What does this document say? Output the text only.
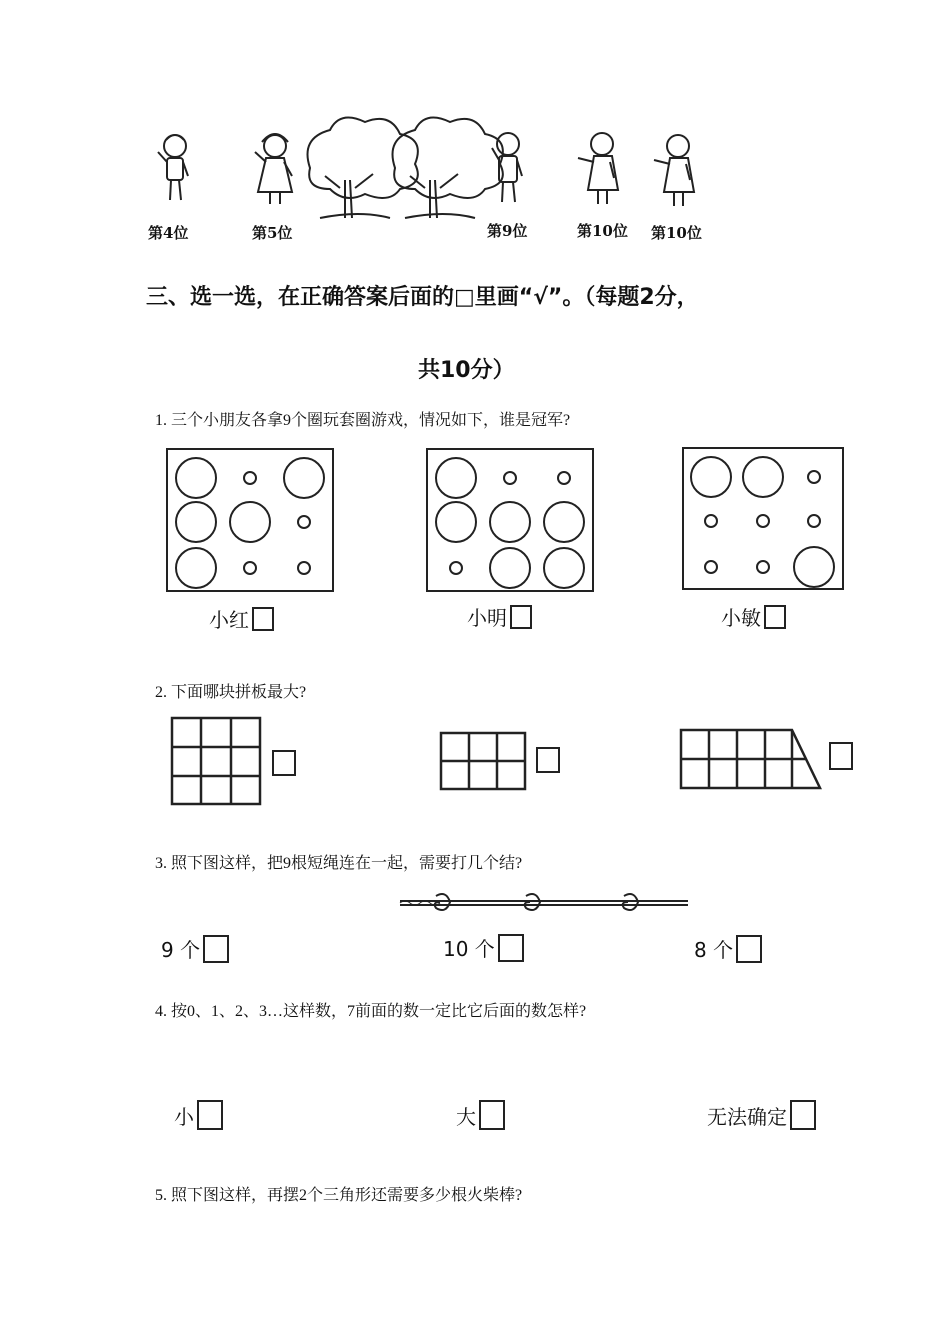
第4位	第5位	第9位	第10位 第10位
三、选一选，在正确答案后面的□里画“√”。（每题2分，
共10分）
1. 三个小朋友各拿9个圈玩套圈游戏，情况如下，谁是冠军?
小红	小明	小敏
2. 下面哪块拼板最大?
3. 照下图这样，把9根短绳连在一起，需要打几个结?
9 个	10 个	8 个
4. 按0、1、2、3…这样数，7前面的数一定比它后面的数怎样?
小	大	无法确定
5. 照下图这样，再摆2个三角形还需要多少根火柴棒?
